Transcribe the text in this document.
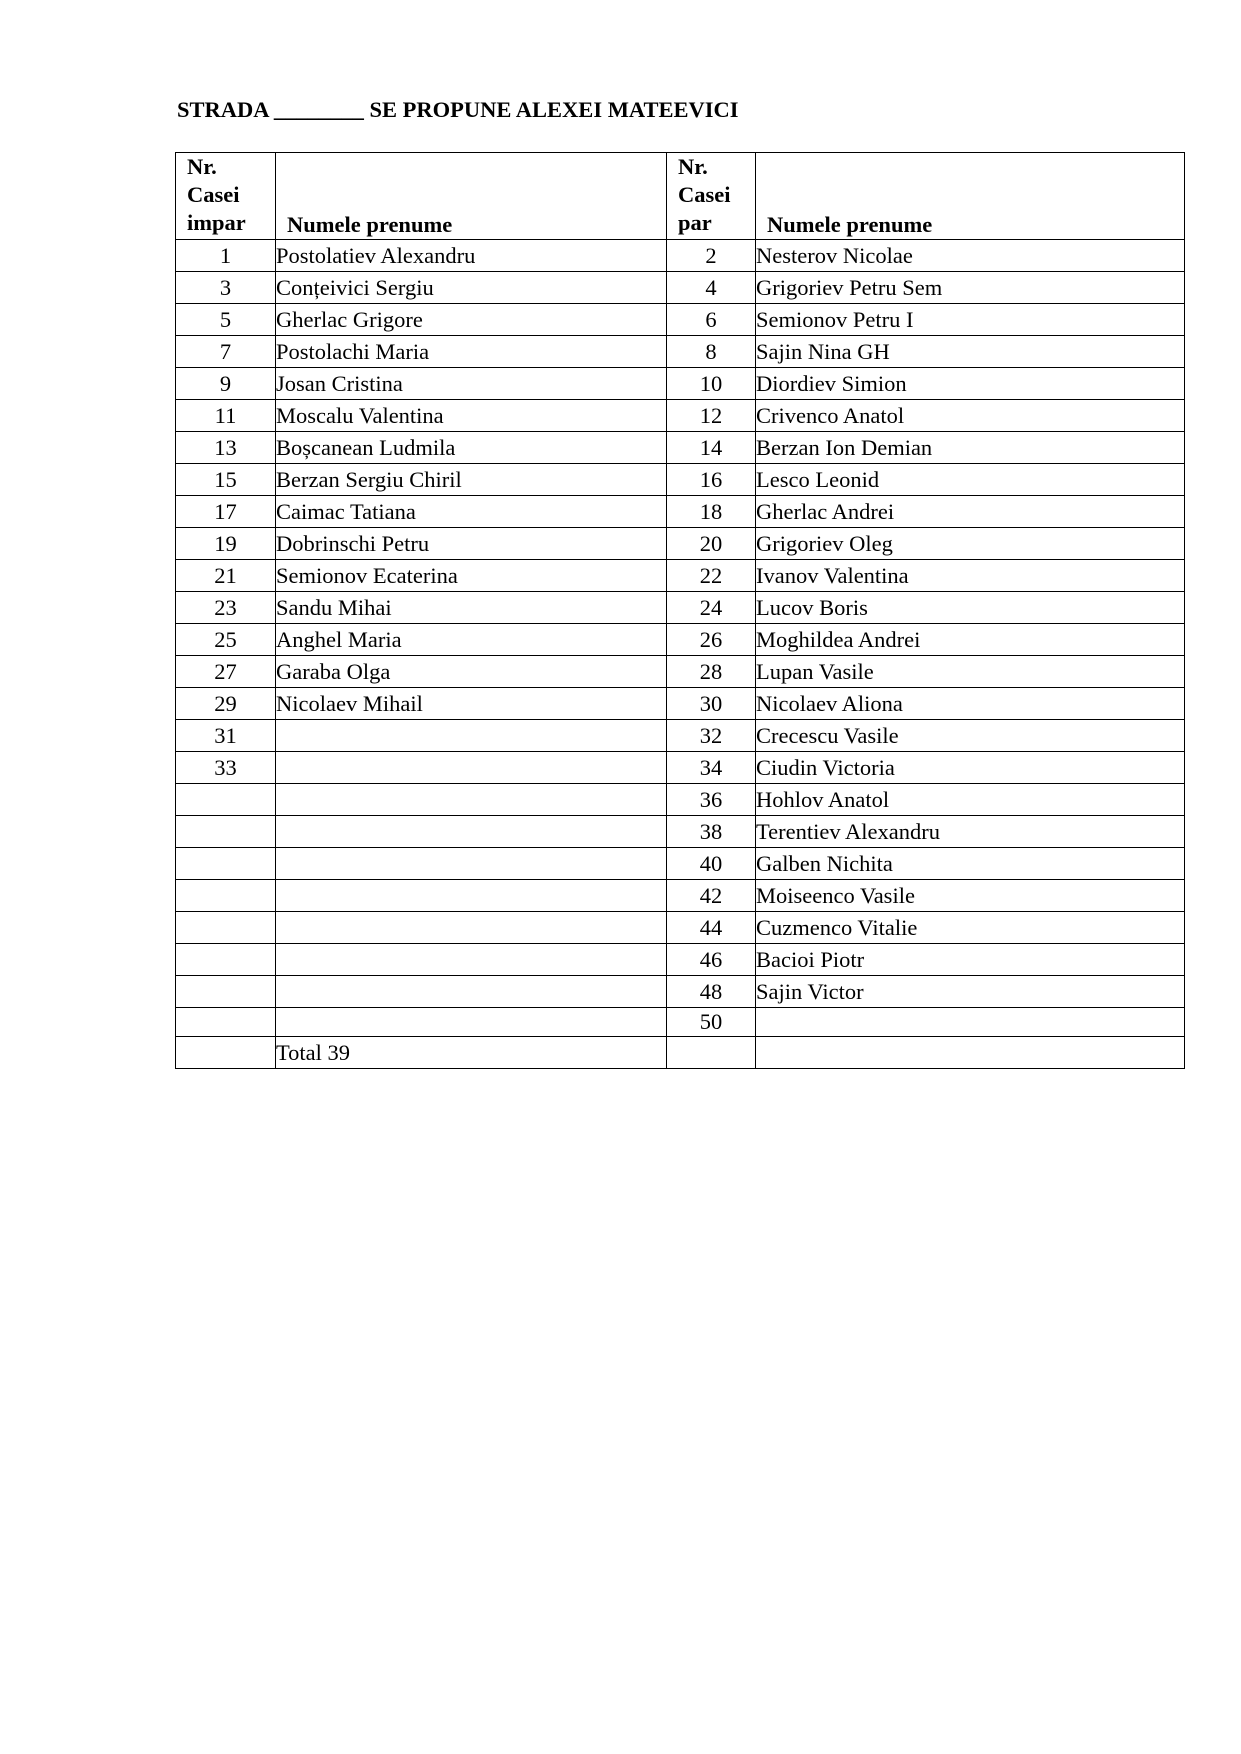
STRADA ________ SE PROPUNE ALEXEI MATEEVICI
Nr.
Casei
impar	Numele prenume	Nr.
Casei
par	Numele prenume
1	Postolatiev Alexandru	2	Nesterov Nicolae
3	Conțeivici Sergiu	4	Grigoriev Petru Sem
5	Gherlac Grigore	6	Semionov Petru I
7	Postolachi Maria	8	Sajin Nina GH
9	Josan Cristina	10	Diordiev Simion
11	Moscalu Valentina	12	Crivenco Anatol
13	Boșcanean Ludmila	14	Berzan Ion Demian
15	Berzan Sergiu Chiril	16	Lesco Leonid
17	Caimac Tatiana	18	Gherlac Andrei
19	Dobrinschi Petru	20	Grigoriev Oleg
21	Semionov Ecaterina	22	Ivanov Valentina
23	Sandu Mihai	24	Lucov Boris
25	Anghel Maria	26	Moghildea Andrei
27	Garaba Olga	28	Lupan Vasile
29	Nicolaev Mihail	30	Nicolaev Aliona
31		32	Crecescu Vasile
33		34	Ciudin Victoria
		36	Hohlov Anatol
		38	Terentiev Alexandru
		40	Galben Nichita
		42	Moiseenco Vasile
		44	Cuzmenco Vitalie
		46	Bacioi Piotr
		48	Sajin Victor
		50	
	Total 39		
